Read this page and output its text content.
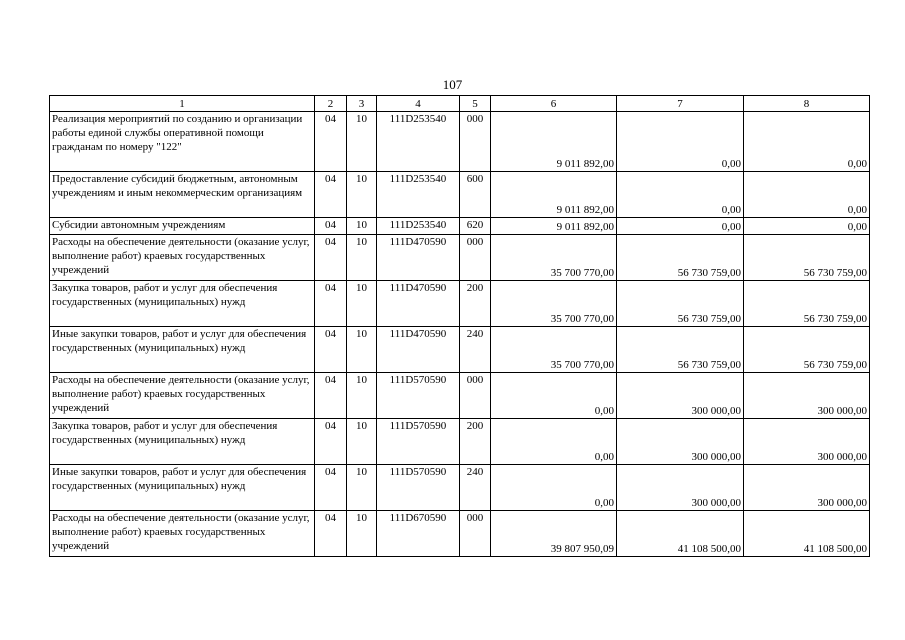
107
1	2	3	4	5	6	7	8
Реализация мероприятий по созданию и организации работы единой службы оперативной помощи гражданам по номеру "122"	04	10	111D253540	000	9 011 892,00	0,00	0,00
Предоставление субсидий бюджетным, автономным учреждениям и иным некоммерческим организациям	04	10	111D253540	600	9 011 892,00	0,00	0,00
Субсидии автономным учреждениям	04	10	111D253540	620	9 011 892,00	0,00	0,00
Расходы на обеспечение деятельности (оказание услуг, выполнение работ) краевых государственных учреждений	04	10	111D470590	000	35 700 770,00	56 730 759,00	56 730 759,00
Закупка товаров, работ и услуг для обеспечения государственных (муниципальных) нужд	04	10	111D470590	200	35 700 770,00	56 730 759,00	56 730 759,00
Иные закупки товаров, работ и услуг для обеспечения государственных (муниципальных) нужд	04	10	111D470590	240	35 700 770,00	56 730 759,00	56 730 759,00
Расходы на обеспечение деятельности (оказание услуг, выполнение работ) краевых государственных учреждений	04	10	111D570590	000	0,00	300 000,00	300 000,00
Закупка товаров, работ и услуг для обеспечения государственных (муниципальных) нужд	04	10	111D570590	200	0,00	300 000,00	300 000,00
Иные закупки товаров, работ и услуг для обеспечения государственных (муниципальных) нужд	04	10	111D570590	240	0,00	300 000,00	300 000,00
Расходы на обеспечение деятельности (оказание услуг, выполнение работ) краевых государственных учреждений	04	10	111D670590	000	39 807 950,09	41 108 500,00	41 108 500,00
